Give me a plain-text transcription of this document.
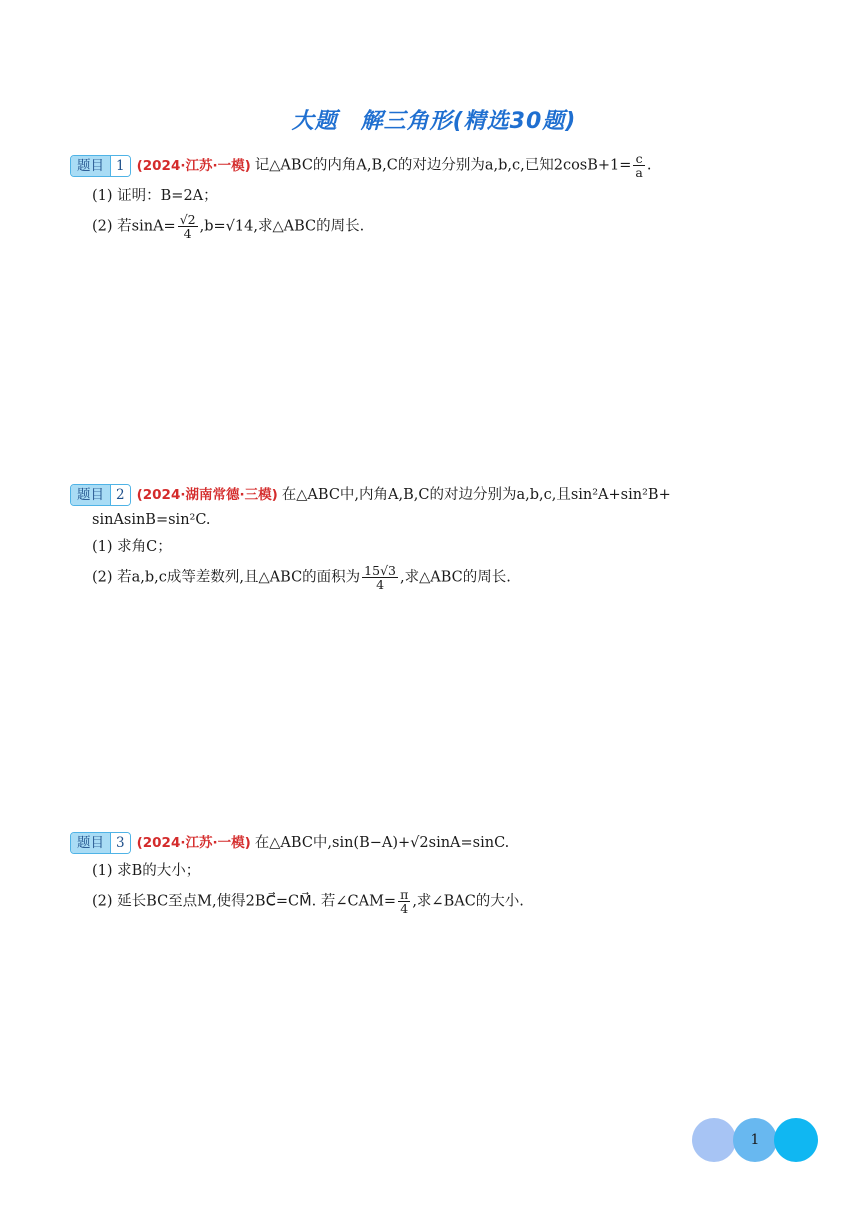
大题　解三角形(精选30题)
题目 1 (2024·江苏·一模) 记△ABC的内角A,B,C的对边分别为a,b,c,已知$2\cos B+1= \frac{c}{a}$ .
(1) 证明：B=2A；
(2) 若$\sin A= \frac{√2}{4} ,b=√14$,求△ABC的周长.
题目 2 (2024·湖南常德·三模) 在△ABC中,内角A,B,C的对边分别为a,b,c,且sin²A+sin²B+
sinAsinB=sin²C.
(1) 求角C；
(2) 若a,b,c成等差数列,且△ABC的面积为 $\frac{15√3}{4}$ ,求△ABC的周长.
题目 3 (2024·江苏·一模) 在△ABC中,sin(B−A)+√2sinA=sinC.
(1) 求B的大小；
(2) 延长BC至点M,使得2BC⃗=CM⃗. 若∠CAM= $\frac{\pi}{4}$ ,求∠BAC的大小.
1
